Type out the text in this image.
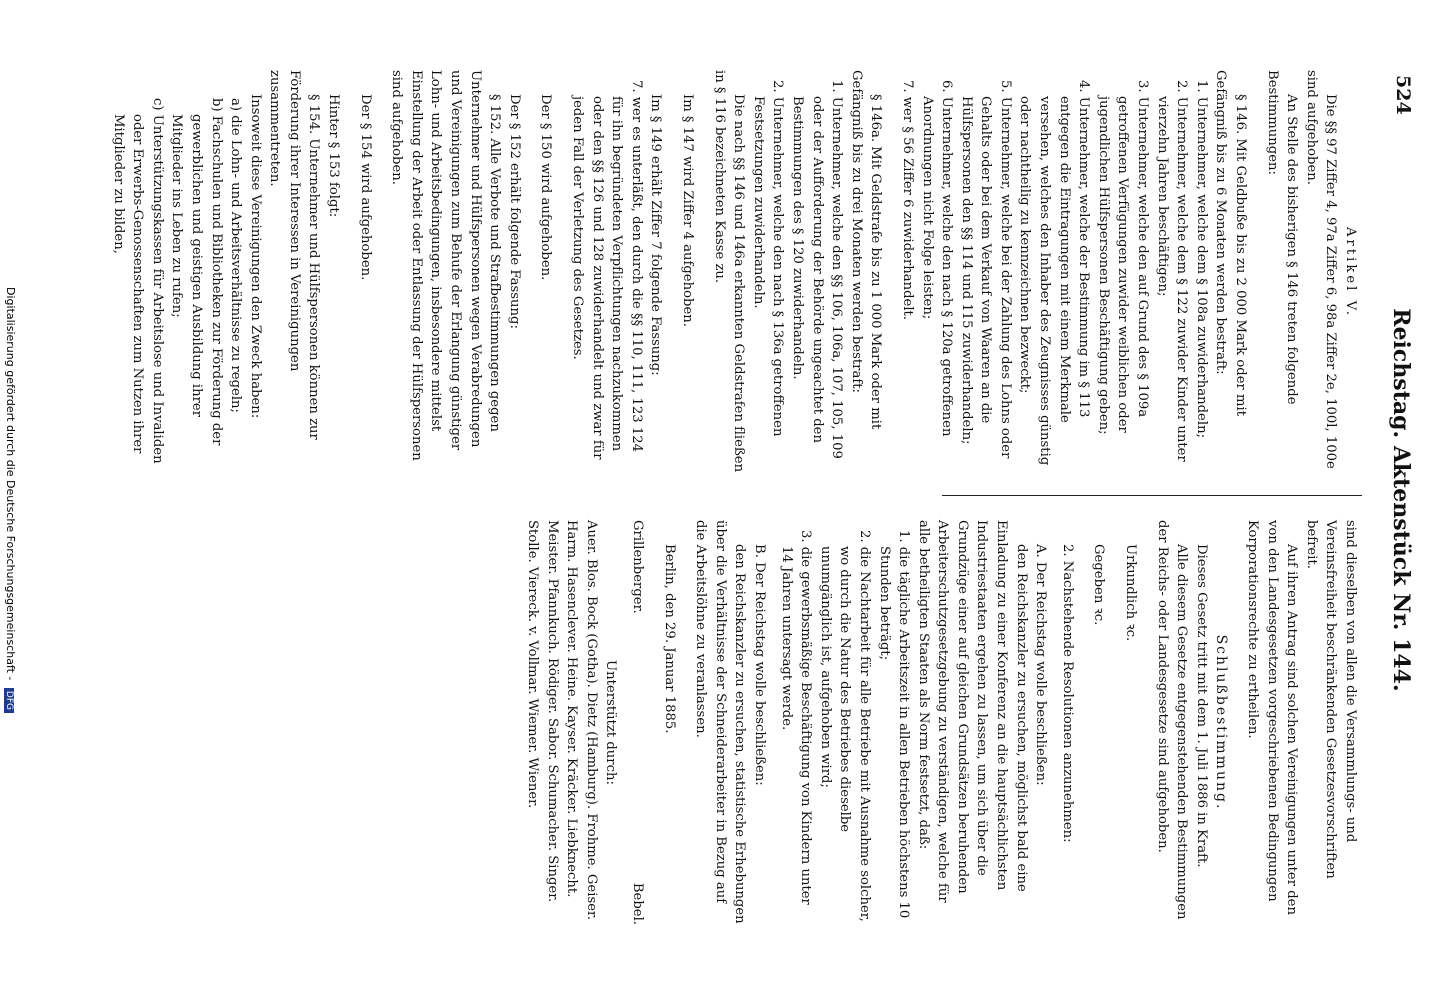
524
Reichstag. Aktenstück Nr. 144.

Artikel V.

Die §§ 97 Ziffer 4, 97a Ziffer 6, 98a Ziffer 2e, 100l, 100e sind aufgehoben.

An Stelle des bisherigen § 146 treten folgende Bestimmungen:

§ 146. Mit Geldbuße bis zu 2 000 Mark oder mit Gefängniß bis zu 6 Monaten werden bestraft:

1. Unternehmer, welche dem § 108a zuwiderhandeln;

2. Unternehmer, welche dem § 122 zuwider Kinder unter vierzehn Jahren beschäftigen;

3. Unternehmer, welche den auf Grund des § 109a getroffenen Verfügungen zuwider weiblichen oder jugendlichen Hülfspersonen Beschäftigung geben;

4. Unternehmer, welche der Bestimmung im § 113 entgegen die Eintragungen mit einem Merkmale versehen, welches den Inhaber des Zeugnisses günstig oder nachtheilig zu kennzeichnen bezweckt;

5. Unternehmer, welche bei der Zahlung des Lohns oder Gehalts oder bei dem Verkauf von Waaren an die Hülfspersonen den §§ 114 und 115 zuwiderhandeln;

6. Unternehmer, welche den nach § 120a getroffenen Anordnungen nicht Folge leisten;

7. wer § 56 Ziffer 6 zuwiderhandelt.

§ 146a. Mit Geldstrafe bis zu 1 000 Mark oder mit Gefängniß bis zu drei Monaten werden bestraft:

1. Unternehmer, welche den §§ 106, 106a, 107, 105, 109 oder der Aufforderung der Behörde ungeachtet den Bestimmungen des § 120 zuwiderhandeln.

2. Unternehmer, welche den nach § 136a getroffenen Festsetzungen zuwiderhandeln.

Die nach §§ 146 und 146a erkannten Geldstrafen fließen in § 116 bezeichneten Kasse zu.

Im § 147 wird Ziffer 4 aufgehoben.

Im § 149 erhält Ziffer 7 folgende Fassung:

7. wer es unterläßt, den durch die §§ 110, 111, 123 124 für ihn begründeten Verpflichtungen nachzukommen oder den §§ 126 und 128 zuwiderhandelt und zwar für jeden Fall der Verletzung des Gesetzes.

Der § 150 wird aufgehoben.

Der § 152 erhält folgende Fassung:

§ 152. Alle Verbote und Strafbestimmungen gegen Unternehmer und Hülfspersonen wegen Verabredungen und Vereinigungen zum Behufe der Erlangung günstiger Lohn- und Arbeitsbedingungen, insbesondere mittelst Einstellung der Arbeit oder Entlassung der Hülfspersonen sind aufgehoben.

Der § 154 wird aufgehoben.

Hinter § 153 folgt:

§ 154. Unternehmer und Hülfspersonen können zur Förderung ihrer Interessen in Vereinigungen zusammentreten.

Insoweit diese Vereinigungen den Zweck haben:

a) die Lohn- und Arbeitsverhältnisse zu regeln;

b) Fachschulen und Bibliotheken zur Förderung der gewerblichen und geistigen Ausbildung ihrer Mitglieder ins Leben zu rufen;

c) Unterstützungskassen für Arbeitslose und Invaliden oder Erwerbs-Genossenschaften zum Nutzen ihrer Mitglieder zu bilden,

sind dieselben von allen die Versammlungs- und Vereinsfreiheit beschränkenden Gesetzesvorschriften befreit.

Auf ihren Antrag sind solchen Vereinigungen unter den von den Landesgesetzen vorgeschriebenen Bedingungen Korporationsrechte zu ertheilen.

Schlußbestimmung.

Dieses Gesetz tritt mit dem 1. Juli 1886 in Kraft.

Alle diesem Gesetze entgegenstehenden Bestimmungen der Reichs- oder Landesgesetze sind aufgehoben.

Urkundlich ꝛc.

Gegeben ꝛc.

2. Nachstehende Resolutionen anzunehmen:

A. Der Reichstag wolle beschließen:

den Reichskanzler zu ersuchen, möglichst bald eine Einladung zu einer Konferenz an die hauptsächlichsten Industriestaaten ergehen zu lassen, um sich über die Grundzüge einer auf gleichen Grundsätzen beruhenden Arbeiterschutzgesetzgebung zu verständigen, welche für alle betheiligten Staaten als Norm festsetzt, daß:

1. die tägliche Arbeitszeit in allen Betrieben höchstens 10 Stunden beträgt;

2. die Nachtarbeit für alle Betriebe mit Ausnahme solcher, wo durch die Natur des Betriebes dieselbe unumgänglich ist, aufgehoben wird;

3. die gewerbsmäßige Beschäftigung von Kindern unter 14 Jahren untersagt werde.

B. Der Reichstag wolle beschließen:

den Reichskanzler zu ersuchen, statistische Erhebungen über die Verhältnisse der Schneiderarbeiter in Bezug auf die Arbeitslöhne zu veranlassen.

Berlin, den 29. Januar 1885.

Grillenberger.
Bebel.

Unterstützt durch:

Auer. Blos. Bock (Gotha). Dietz (Hamburg). Frohme. Geiser. Harm. Hasenclever. Heine. Kayser. Kräcker. Liebknecht. Meister. Pfannkuch. Rödiger. Sabor. Schumacher. Singer. Stolle. Viereck. v. Vollmar. Wiemer. Wiener.

Digitalisierung gefördert durch die Deutsche Forschungsgemeinschaft - DFG
